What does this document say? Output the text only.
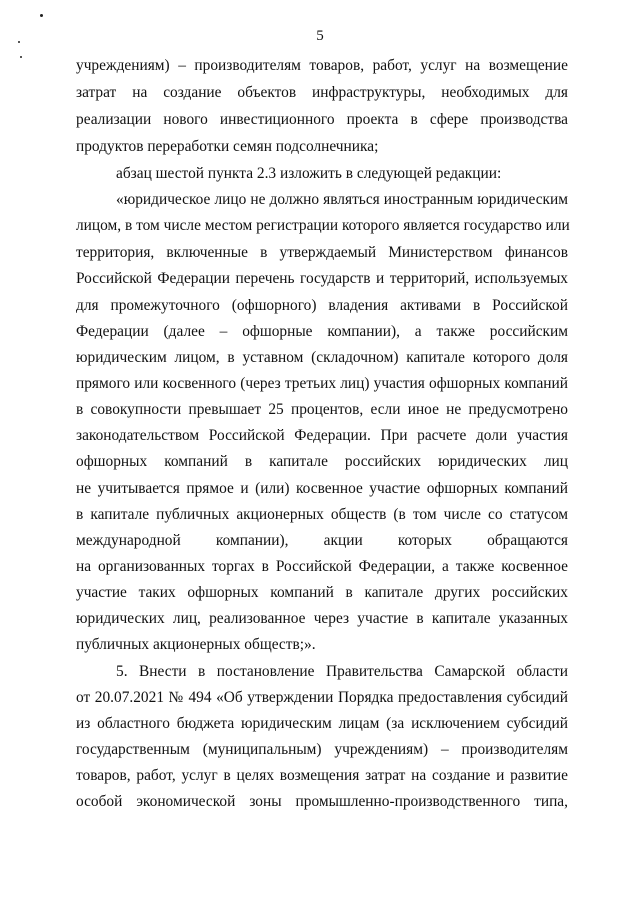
5
учреждениям) – производителям товаров, работ, услуг на возмещение
затрат на создание объектов инфраструктуры, необходимых для
реализации нового инвестиционного проекта в сфере производства
продуктов переработки семян подсолнечника;
абзац шестой пункта 2.3 изложить в следующей редакции:
«юридическое лицо не должно являться иностранным юридическим
лицом, в том числе местом регистрации которого является государство или
территория, включенные в утверждаемый Министерством финансов
Российской Федерации перечень государств и территорий, используемых
для промежуточного (офшорного) владения активами в Российской
Федерации (далее – офшорные компании), а также российским
юридическим лицом, в уставном (складочном) капитале которого доля
прямого или косвенного (через третьих лиц) участия офшорных компаний
в совокупности превышает 25 процентов, если иное не предусмотрено
законодательством Российской Федерации. При расчете доли участия
офшорных компаний в капитале российских юридических лиц
не учитывается прямое и (или) косвенное участие офшорных компаний
в капитале публичных акционерных обществ (в том числе со статусом
международной компании), акции которых обращаются
на организованных торгах в Российской Федерации, а также косвенное
участие таких офшорных компаний в капитале других российских
юридических лиц, реализованное через участие в капитале указанных
публичных акционерных обществ;».
5. Внести в постановление Правительства Самарской области
от 20.07.2021 № 494 «Об утверждении Порядка предоставления субсидий
из областного бюджета юридическим лицам (за исключением субсидий
государственным (муниципальным) учреждениям) – производителям
товаров, работ, услуг в целях возмещения затрат на создание и развитие
особой экономической зоны промышленно-производственного типа,
